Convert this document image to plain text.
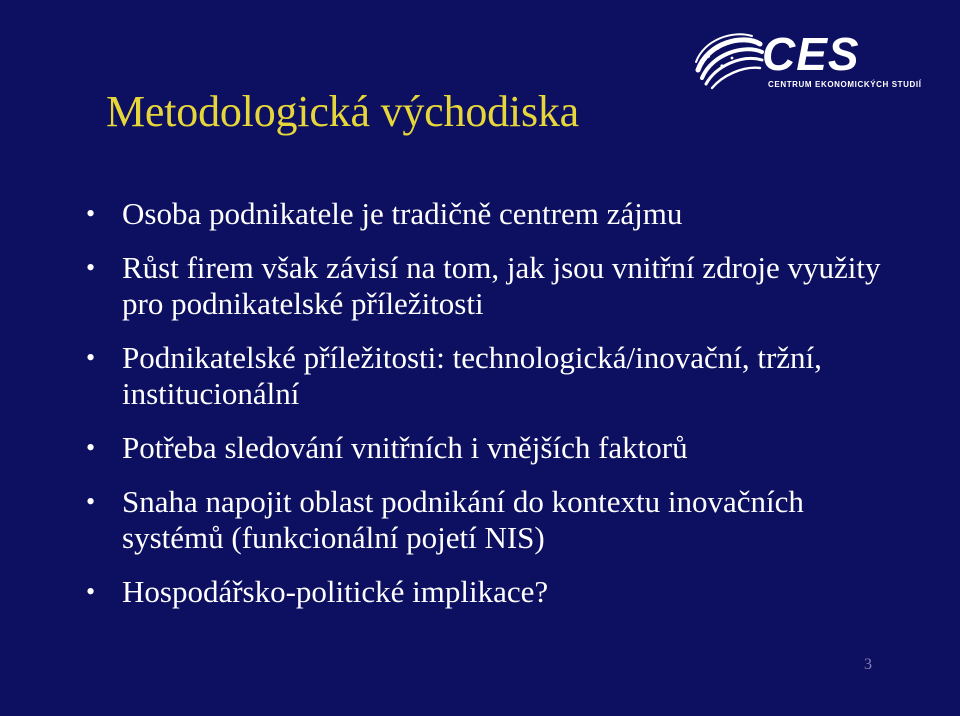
CES
CENTRUM EKONOMICKÝCH STUDIÍ
Metodologická východiska
• Osoba podnikatele je tradičně centrem zájmu
• Růst firem však závisí na tom, jak jsou vnitřní zdroje využity pro podnikatelské příležitosti
• Podnikatelské příležitosti: technologická/inovační, tržní, institucionální
• Potřeba sledování vnitřních i vnějších faktorů
• Snaha napojit oblast podnikání do kontextu inovačních systémů (funkcionální pojetí NIS)
• Hospodářsko-politické implikace?
3
